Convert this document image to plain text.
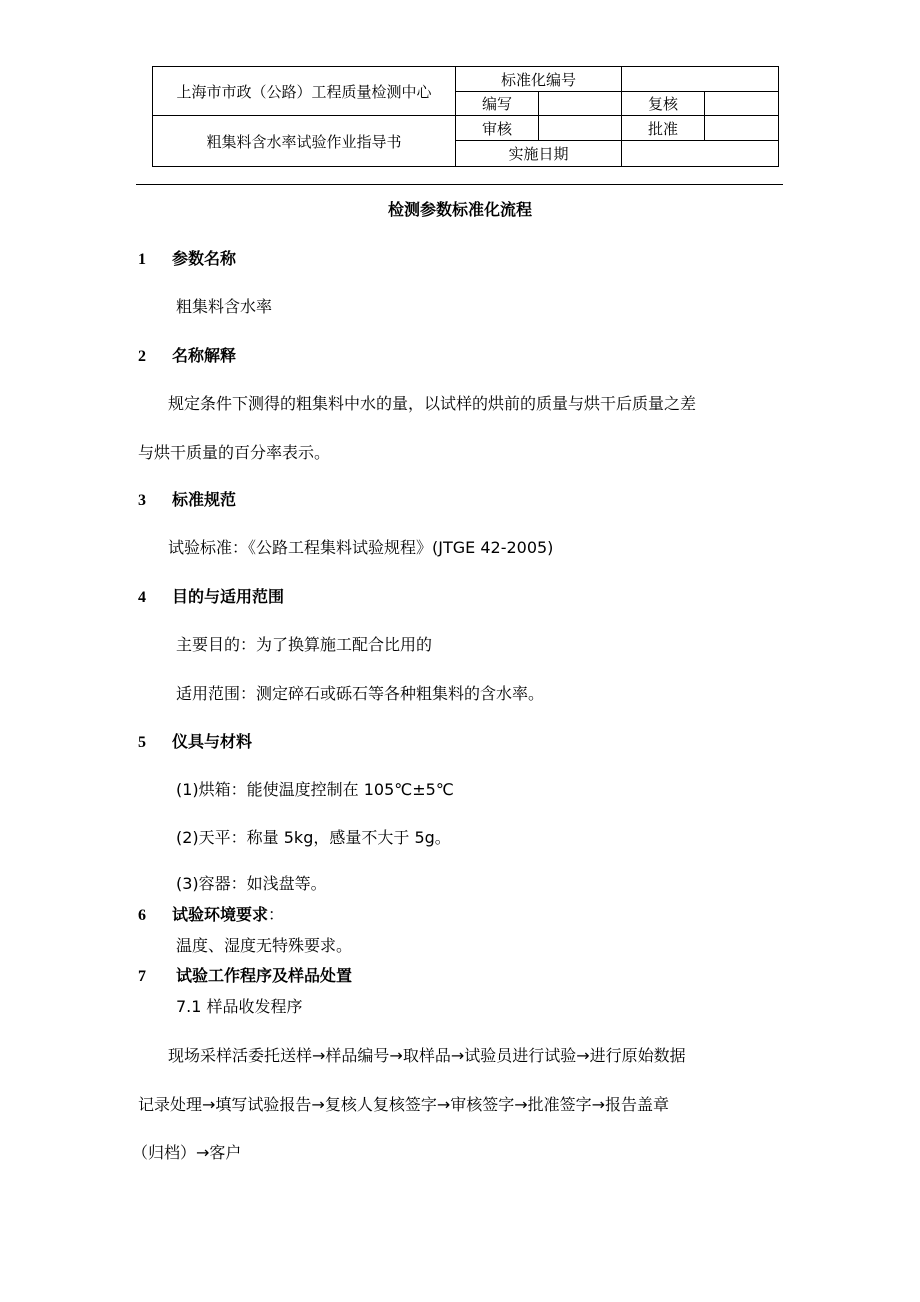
上海市市政（公路）工程质量检测中心
粗集料含水率试验作业指导书
标准化编号
编写	复核
审核	批准
实施日期
检测参数标准化流程
1 参数名称
粗集料含水率
2 名称解释
规定条件下测得的粗集料中水的量，以试样的烘前的质量与烘干后质量之差
与烘干质量的百分率表示。
3 标准规范
试验标准：《公路工程集料试验规程》(JTGE 42-2005)
4 目的与适用范围
主要目的：为了换算施工配合比用的
适用范围：测定碎石或砾石等各种粗集料的含水率。
5 仪具与材料
(1)烘箱：能使温度控制在 105℃±5℃
(2)天平：称量 5kg，感量不大于 5g。
(3)容器：如浅盘等。
6 试验环境要求：
温度、湿度无特殊要求。
7 试验工作程序及样品处置
7.1 样品收发程序
现场采样活委托送样→样品编号→取样品→试验员进行试验→进行原始数据
记录处理→填写试验报告→复核人复核签字→审核签字→批准签字→报告盖章
（归档）→客户
